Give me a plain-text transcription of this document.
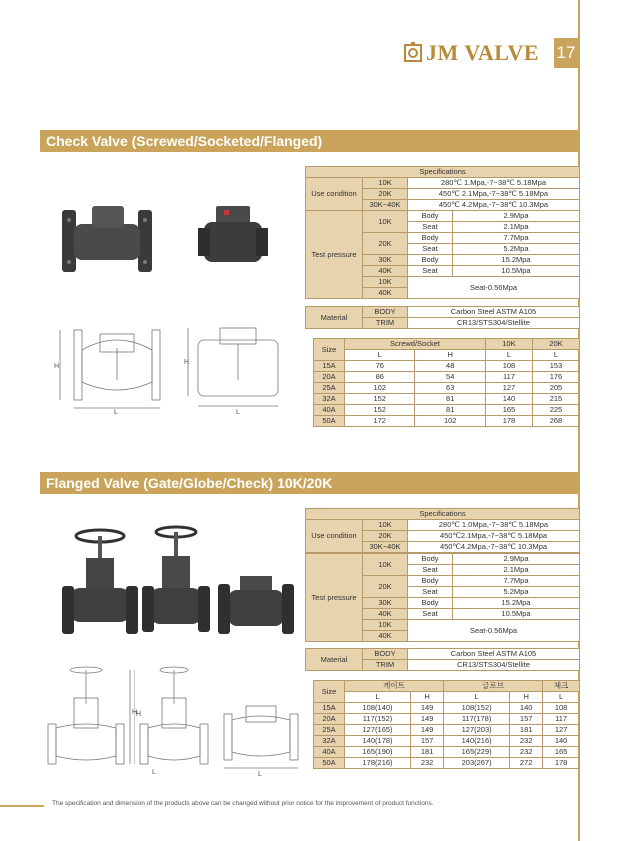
JM VALVE 17
Check Valve (Screwed/Socketed/Flanged)
H
L
H
L
Specifications		
Use condition	10K	280℃ 1.Mpa,-7~38℃ 5.18Mpa
	20K	450℃ 2.1Mpa,-7~38℃ 5.18Mpa
	30K~40K	450℃ 4.2Mpa,-7~38℃ 10.3Mpa
Test pressure	10K	Body	2.9Mpa
		Seat	2.1Mpa
	20K	Body	7.7Mpa
		Seat	5.2Mpa
	30K	Body	15.2Mpa
	40K	Seat	10.5Mpa
	10K	Seat-0.56Mpa	
	40K		
Material	BODY	Carbon Steel ASTM A105
	TRIM	CR13/STS304/Stellite
Size	Screwd/Socket		10K	20K
	L	H	L	L
15A	76	48	108	153
20A	86	54	117	176
25A	102	63	127	205
32A	152	81	140	215
40A	152	81	165	225
50A	172	102	178	268
Flanged Valve (Gate/Globe/Check) 10K/20K
H
H
L
L
Specifications		
Use condition	10K	280℃ 1.0Mpa,-7~38℃ 5.18Mpa
	20K	450℃2.1Mpa,-7~38℃ 5.18Mpa
	30K~40K	450℃4.2Mpa,-7~38℃ 10.3Mpa
Test pressure	10K	Body	2.9Mpa
		Seat	2.1Mpa
	20K	Body	7.7Mpa
		Seat	5.2Mpa
	30K	Body	15.2Mpa
	40K	Seat	10.5Mpa
	10K	Seat-0.56Mpa	
	40K		
Material	BODY	Carbon Steel ASTM A105
	TRIM	CR13/STS304/Stellite
Size	게이트		글로브		체크
	L	H	L	H	L
15A	108(140)	149	108(152)	140	108
20A	117(152)	149	117(178)	157	117
25A	127(165)	149	127(203)	181	127
32A	140(178)	157	140(216)	232	140
40A	165(190)	181	165(229)	232	165
50A	178(216)	232	203(267)	272	178
The specification and dimension of the products above can be changed without prior notice for the improvement of product functions.
